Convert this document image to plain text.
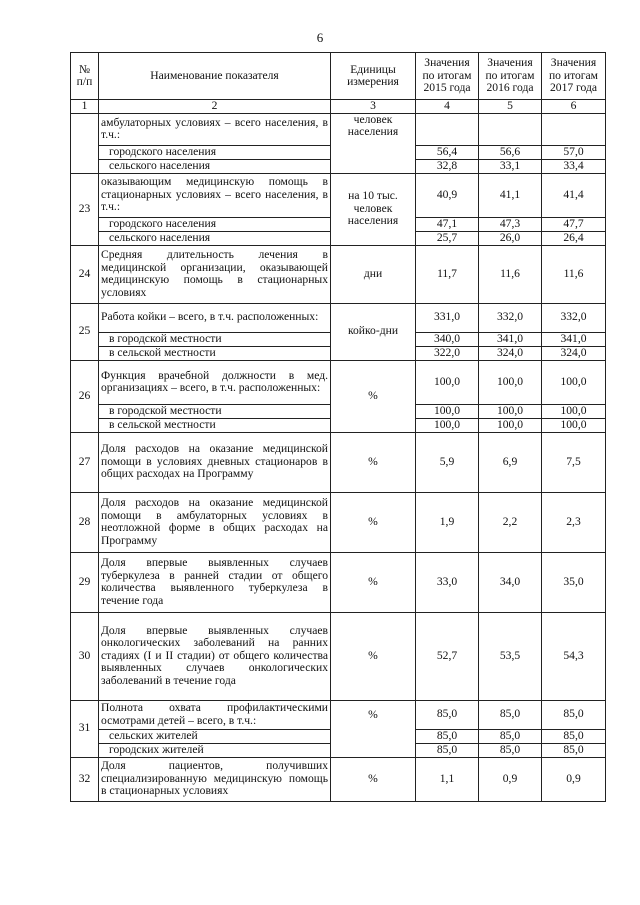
6
№ п/п	Наименование показателя	Единицы измерения	Значения по итогам 2015 года	Значения по итогам 2016 года	Значения по итогам 2017 года
1	2	3	4	5	6
	амбулаторных условиях – всего населения, в т.ч.:	человек населения			
	городского населения		56,4	56,6	57,0
	сельского населения		32,8	33,1	33,4
23	оказывающим медицинскую помощь в стационарных условиях – всего населения, в т.ч.:	на 10 тыс. человек населения	40,9	41,1	41,4
	городского населения		47,1	47,3	47,7
	сельского населения		25,7	26,0	26,4
24	Средняя длительность лечения в медицинской организации, оказывающей медицинскую помощь в стационарных условиях	дни	11,7	11,6	11,6
25	Работа койки – всего, в т.ч. расположенных:	койко-дни	331,0	332,0	332,0
	в городской местности		340,0	341,0	341,0
	в сельской местности		322,0	324,0	324,0
26	Функция врачебной должности в мед. организациях – всего, в т.ч. расположенных:	%	100,0	100,0	100,0
	в городской местности		100,0	100,0	100,0
	в сельской местности		100,0	100,0	100,0
27	Доля расходов на оказание медицинской помощи в условиях дневных стационаров в общих расходах на Программу	%	5,9	6,9	7,5
28	Доля расходов на оказание медицинской помощи в амбулаторных условиях в неотложной форме в общих расходах на Программу	%	1,9	2,2	2,3
29	Доля впервые выявленных случаев туберкулеза в ранней стадии от общего количества выявленного туберкулеза в течение года	%	33,0	34,0	35,0
30	Доля впервые выявленных случаев онкологических заболеваний на ранних стадиях (I и II стадии) от общего количества выявленных случаев онкологических заболеваний в течение года	%	52,7	53,5	54,3
31	Полнота охвата профилактическими осмотрами детей – всего, в т.ч.:	%	85,0	85,0	85,0
	сельских жителей		85,0	85,0	85,0
	городских жителей		85,0	85,0	85,0
32	Доля пациентов, получивших специализированную медицинскую помощь в стационарных условиях	%	1,1	0,9	0,9
